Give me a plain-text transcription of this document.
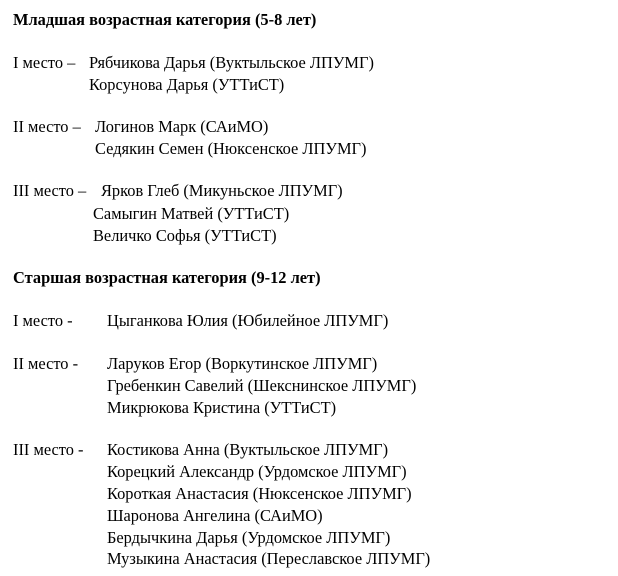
Младшая возрастная категория (5-8 лет)
I место – Рябчикова Дарья (Вуктыльское ЛПУМГ)
Корсунова Дарья (УТТиСТ)
II место – Логинов Марк (САиМО)
Седякин Семен (Нюксенское ЛПУМГ)
III место – Ярков Глеб (Микуньское ЛПУМГ)
Самыгин Матвей (УТТиСТ)
Величко Софья (УТТиСТ)
Старшая возрастная категория (9-12 лет)
I место - Цыганкова Юлия (Юбилейное ЛПУМГ)
II место - Ларуков Егор (Воркутинское ЛПУМГ)
Гребенкин Савелий (Шекснинское ЛПУМГ)
Микрюкова Кристина (УТТиСТ)
III место - Костикова Анна (Вуктыльское ЛПУМГ)
Корецкий Александр (Урдомское ЛПУМГ)
Короткая Анастасия (Нюксенское ЛПУМГ)
Шаронова Ангелина (САиМО)
Бердычкина Дарья (Урдомское ЛПУМГ)
Музыкина Анастасия (Переславское ЛПУМГ)
